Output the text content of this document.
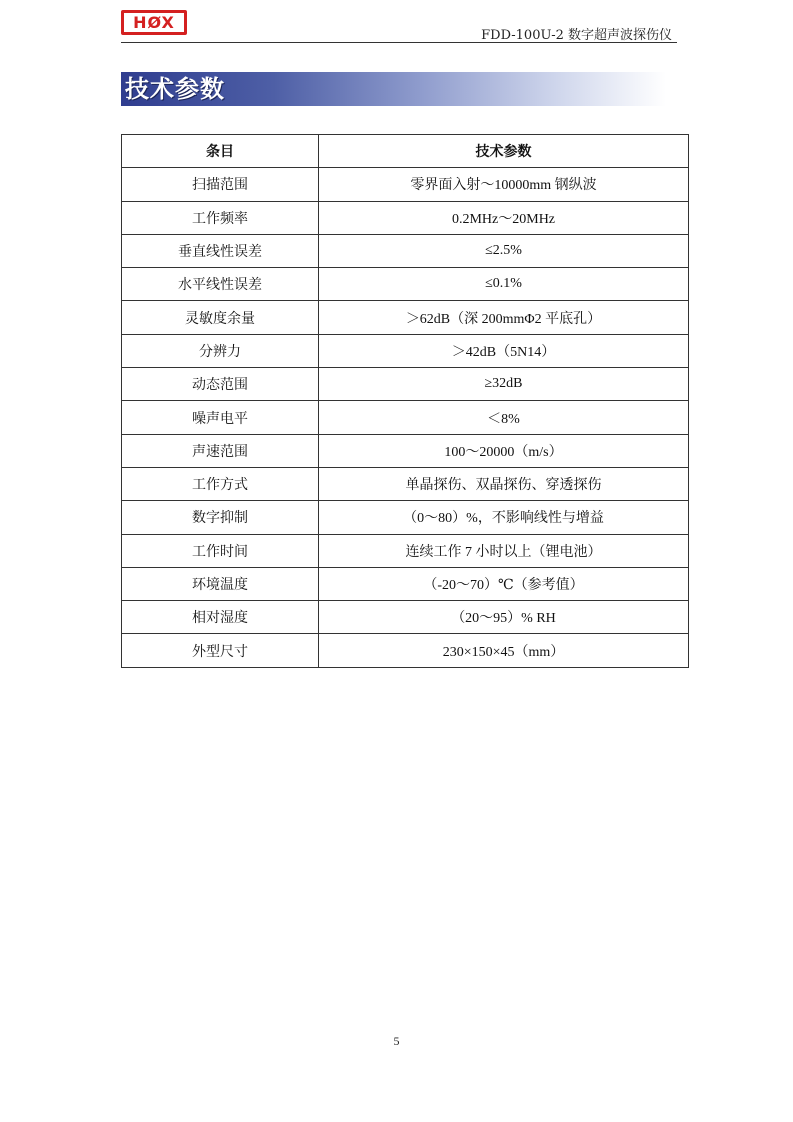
HØX
FDD-100U-2 数字超声波探伤仪
技术参数
条目	技术参数
扫描范围	零界面入射～10000mm 钢纵波
工作频率	0.2MHz～20MHz
垂直线性误差	≤2.5%
水平线性误差	≤0.1%
灵敏度余量	＞62dB（深 200mmΦ2 平底孔）
分辨力	＞42dB（5N14）
动态范围	≥32dB
噪声电平	＜8%
声速范围	100～20000（m/s）
工作方式	单晶探伤、双晶探伤、穿透探伤
数字抑制	（0～80）%，不影响线性与增益
工作时间	连续工作 7 小时以上（锂电池）
环境温度	（-20～70）℃（参考值）
相对湿度	（20～95）% RH
外型尺寸	230×150×45（mm）
5
